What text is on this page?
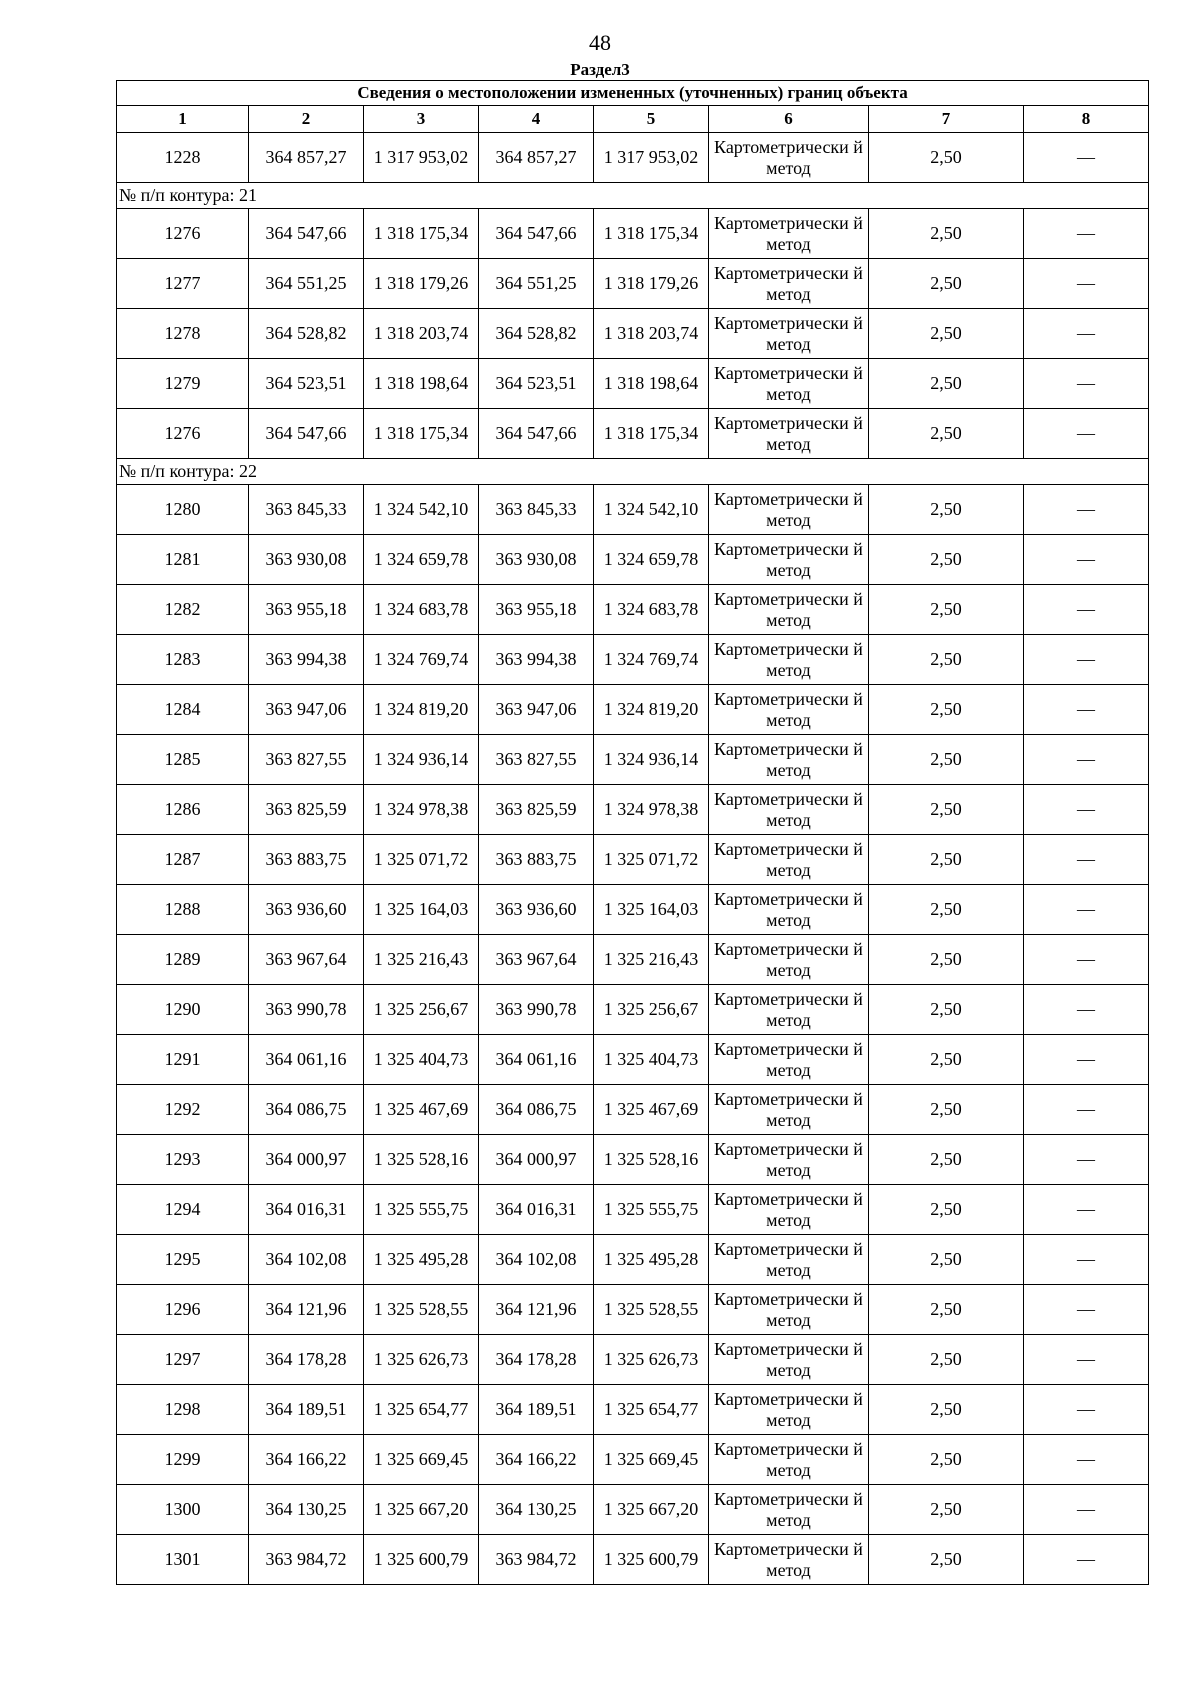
48
Раздел3
Сведения о местоположении измененных (уточненных) границ объекта							
1	2	3	4	5	6	7	8
1228	364 857,27	1 317 953,02	364 857,27	1 317 953,02	Картометрически й метод	2,50	—
№ п/п контура: 21							
1276	364 547,66	1 318 175,34	364 547,66	1 318 175,34	Картометрически й метод	2,50	—
1277	364 551,25	1 318 179,26	364 551,25	1 318 179,26	Картометрически й метод	2,50	—
1278	364 528,82	1 318 203,74	364 528,82	1 318 203,74	Картометрически й метод	2,50	—
1279	364 523,51	1 318 198,64	364 523,51	1 318 198,64	Картометрически й метод	2,50	—
1276	364 547,66	1 318 175,34	364 547,66	1 318 175,34	Картометрически й метод	2,50	—
№ п/п контура: 22							
1280	363 845,33	1 324 542,10	363 845,33	1 324 542,10	Картометрически й метод	2,50	—
1281	363 930,08	1 324 659,78	363 930,08	1 324 659,78	Картометрически й метод	2,50	—
1282	363 955,18	1 324 683,78	363 955,18	1 324 683,78	Картометрически й метод	2,50	—
1283	363 994,38	1 324 769,74	363 994,38	1 324 769,74	Картометрически й метод	2,50	—
1284	363 947,06	1 324 819,20	363 947,06	1 324 819,20	Картометрически й метод	2,50	—
1285	363 827,55	1 324 936,14	363 827,55	1 324 936,14	Картометрически й метод	2,50	—
1286	363 825,59	1 324 978,38	363 825,59	1 324 978,38	Картометрически й метод	2,50	—
1287	363 883,75	1 325 071,72	363 883,75	1 325 071,72	Картометрически й метод	2,50	—
1288	363 936,60	1 325 164,03	363 936,60	1 325 164,03	Картометрически й метод	2,50	—
1289	363 967,64	1 325 216,43	363 967,64	1 325 216,43	Картометрически й метод	2,50	—
1290	363 990,78	1 325 256,67	363 990,78	1 325 256,67	Картометрически й метод	2,50	—
1291	364 061,16	1 325 404,73	364 061,16	1 325 404,73	Картометрически й метод	2,50	—
1292	364 086,75	1 325 467,69	364 086,75	1 325 467,69	Картометрически й метод	2,50	—
1293	364 000,97	1 325 528,16	364 000,97	1 325 528,16	Картометрически й метод	2,50	—
1294	364 016,31	1 325 555,75	364 016,31	1 325 555,75	Картометрически й метод	2,50	—
1295	364 102,08	1 325 495,28	364 102,08	1 325 495,28	Картометрически й метод	2,50	—
1296	364 121,96	1 325 528,55	364 121,96	1 325 528,55	Картометрически й метод	2,50	—
1297	364 178,28	1 325 626,73	364 178,28	1 325 626,73	Картометрически й метод	2,50	—
1298	364 189,51	1 325 654,77	364 189,51	1 325 654,77	Картометрически й метод	2,50	—
1299	364 166,22	1 325 669,45	364 166,22	1 325 669,45	Картометрически й метод	2,50	—
1300	364 130,25	1 325 667,20	364 130,25	1 325 667,20	Картометрически й метод	2,50	—
1301	363 984,72	1 325 600,79	363 984,72	1 325 600,79	Картометрически й метод	2,50	—
